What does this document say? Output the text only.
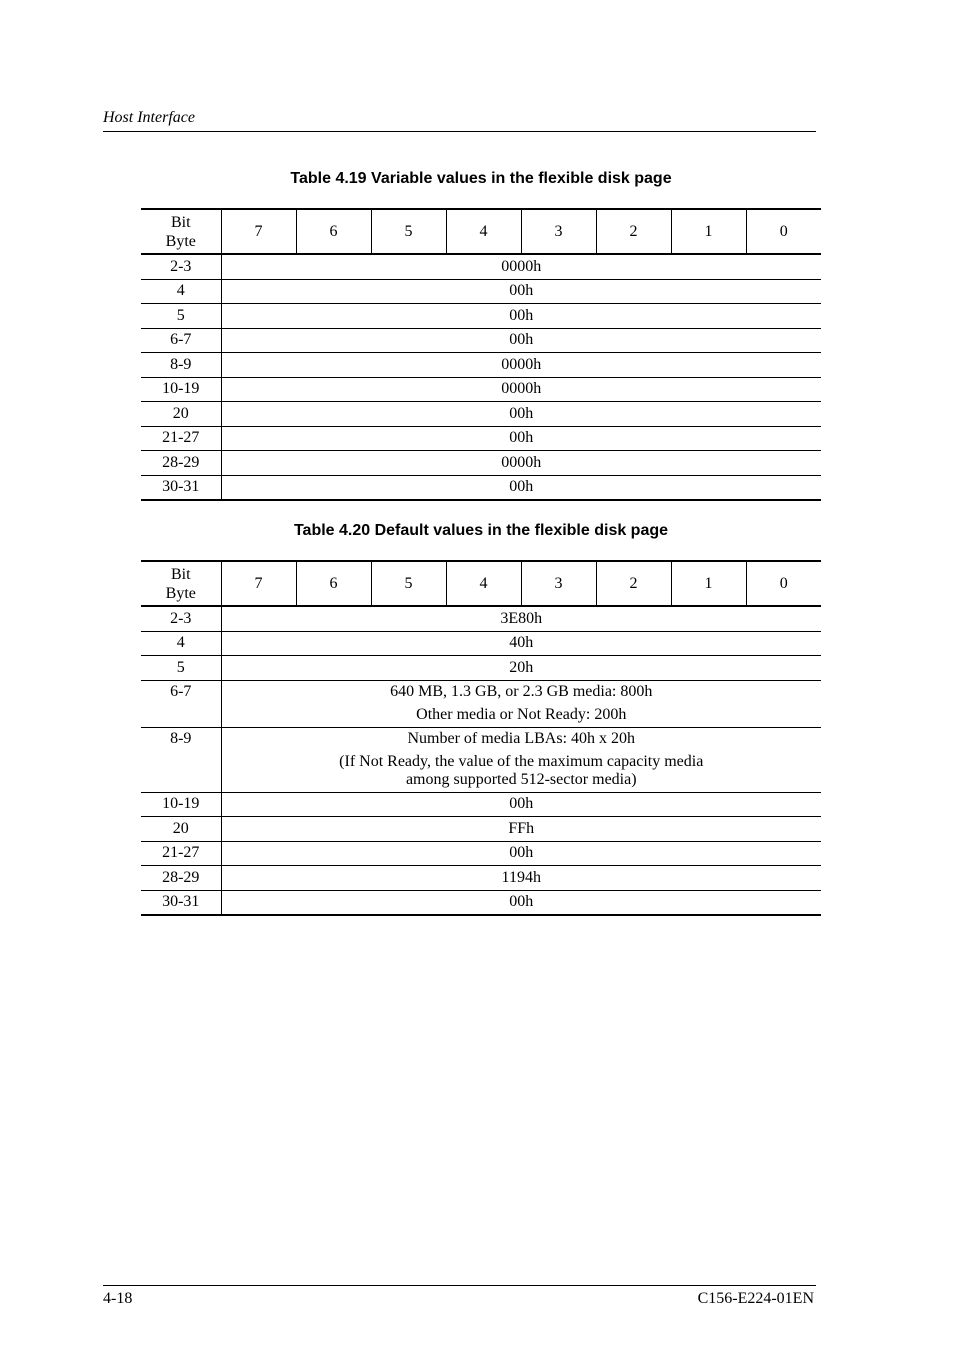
Host Interface
Table 4.19 Variable values in the flexible disk page
Bit
Byte	7	6	5	4	3	2	1	0
2-3	0000h							

4	00h							

5	00h							

6-7	00h							

8-9	0000h							

10-19	0000h							

20	00h							

21-27	00h							

28-29	0000h							

30-31	00h							
Table 4.20 Default values in the flexible disk page
Bit
Byte	7	6	5	4	3	2	1	0
2-3	3E80h							

4	40h							

5	20h							

6-7	640 MB, 1.3 GB, or 2.3 GB media: 800h
Other media or Not Ready: 200h							

8-9	Number of media LBAs: 40h x 20h
(If Not Ready, the value of the maximum capacity media
among supported 512-sector media)							

10-19	00h							

20	FFh							

21-27	00h							

28-29	1194h							

30-31	00h							
4-18	C156-E224-01EN
